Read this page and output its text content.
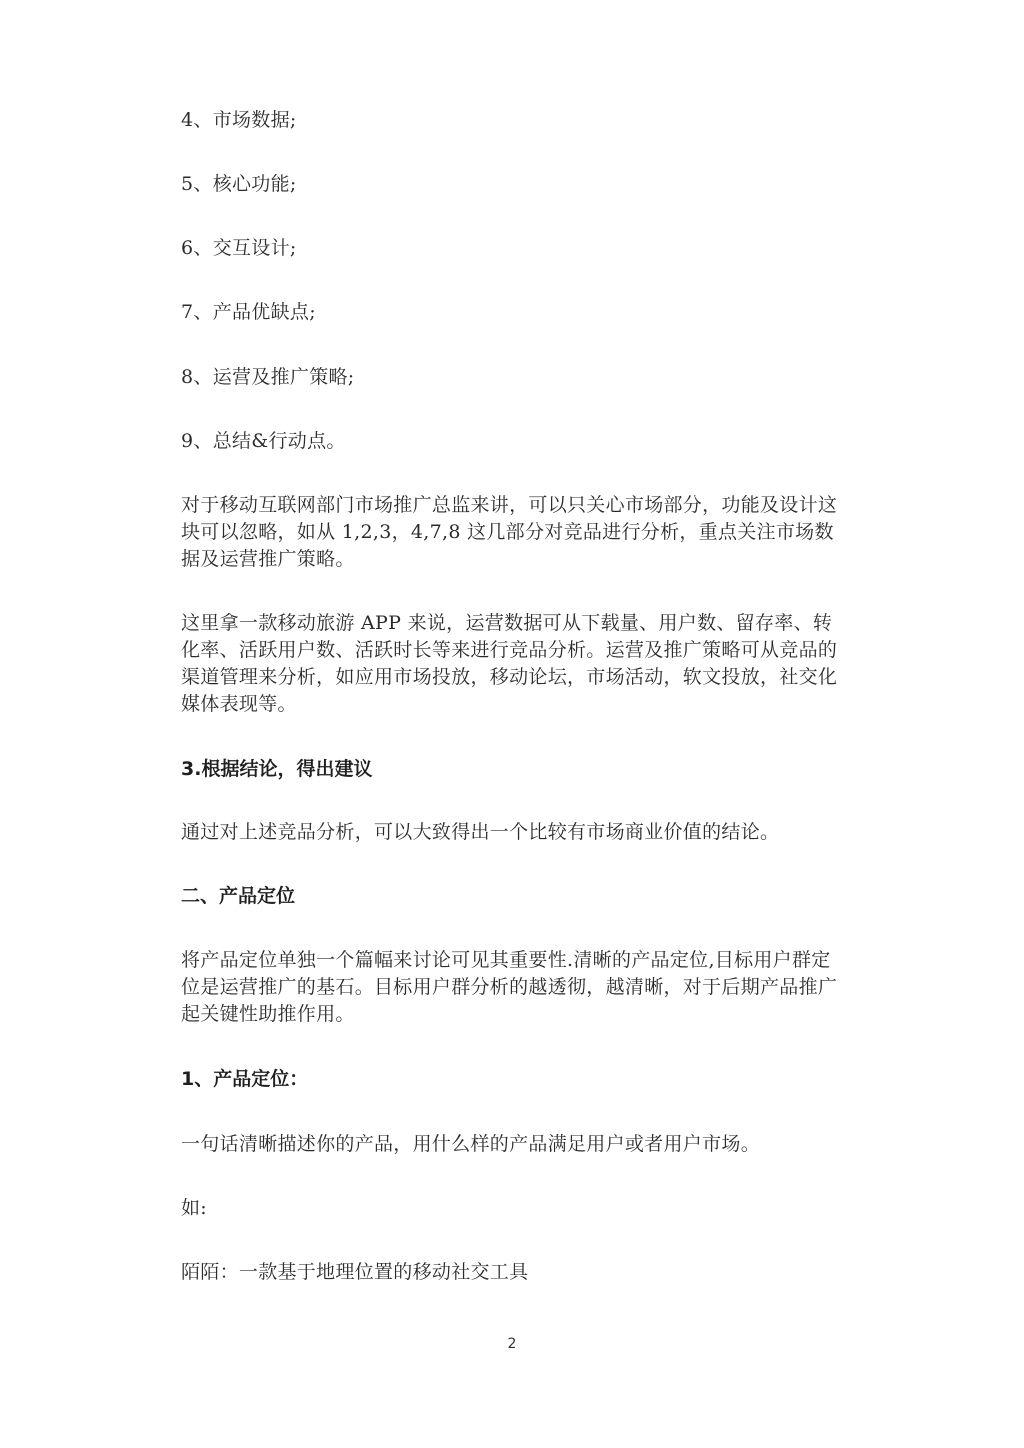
4、市场数据;
5、核心功能;
6、交互设计;
7、产品优缺点;
8、运营及推广策略;
9、总结&行动点。
对于移动互联网部门市场推广总监来讲，可以只关心市场部分，功能及设计这块可以忽略，如从 1,2,3，4,7,8 这几部分对竞品进行分析，重点关注市场数据及运营推广策略。
这里拿一款移动旅游 APP 来说，运营数据可从下载量、用户数、留存率、转化率、活跃用户数、活跃时长等来进行竞品分析。运营及推广策略可从竞品的渠道管理来分析，如应用市场投放，移动论坛，市场活动，软文投放，社交化媒体表现等。
3.根据结论，得出建议
通过对上述竞品分析，可以大致得出一个比较有市场商业价值的结论。
二、产品定位
将产品定位单独一个篇幅来讨论可见其重要性.清晰的产品定位,目标用户群定位是运营推广的基石。目标用户群分析的越透彻，越清晰，对于后期产品推广起关键性助推作用。
1、产品定位：
一句话清晰描述你的产品，用什么样的产品满足用户或者用户市场。
如:
陌陌：一款基于地理位置的移动社交工具
2
